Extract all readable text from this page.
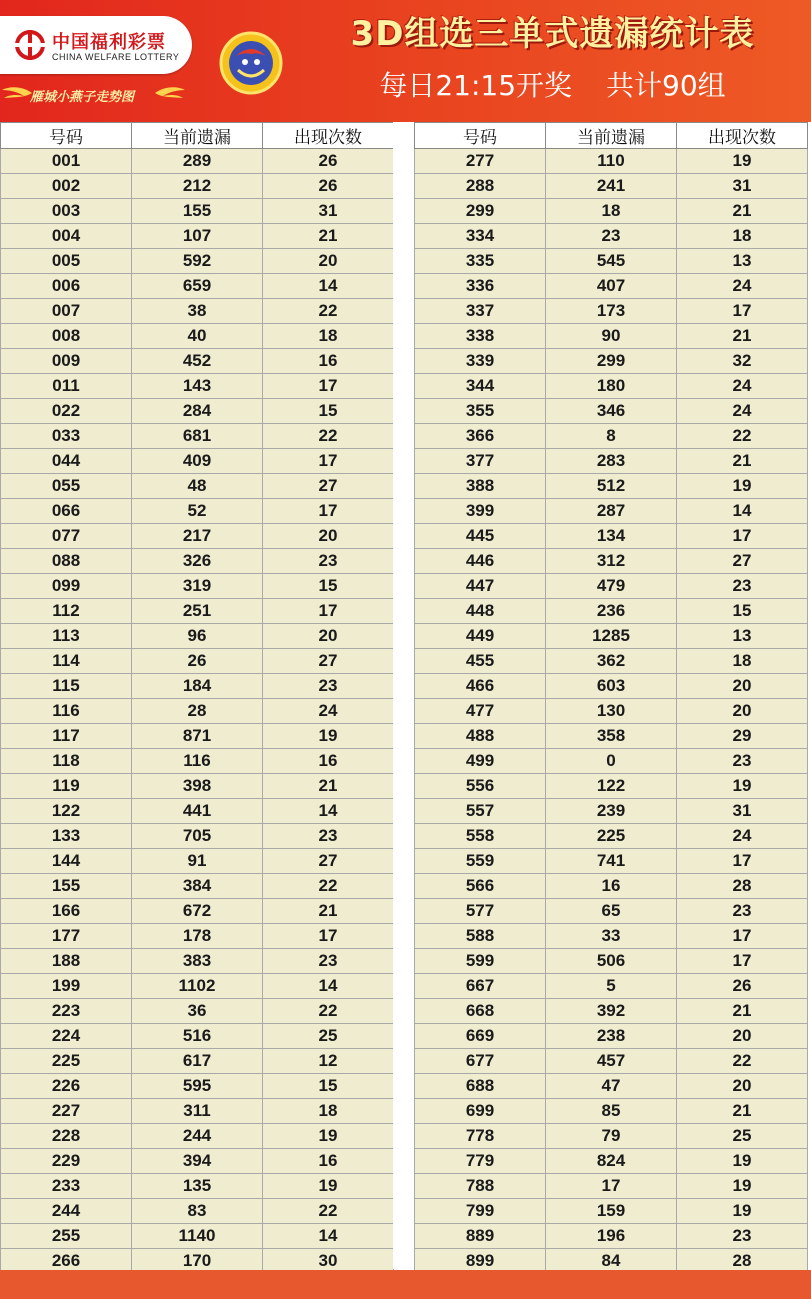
中国福利彩票
CHINA WELFARE LOTTERY
雁城小燕子走势图
3D组选三单式遗漏统计表
每日21:15开奖 共计90组
号码	当前遗漏	出现次数
001	289	26
002	212	26
003	155	31
004	107	21
005	592	20
006	659	14
007	38	22
008	40	18
009	452	16
011	143	17
022	284	15
033	681	22
044	409	17
055	48	27
066	52	17
077	217	20
088	326	23
099	319	15
112	251	17
113	96	20
114	26	27
115	184	23
116	28	24
117	871	19
118	116	16
119	398	21
122	441	14
133	705	23
144	91	27
155	384	22
166	672	21
177	178	17
188	383	23
199	1102	14
223	36	22
224	516	25
225	617	12
226	595	15
227	311	18
228	244	19
229	394	16
233	135	19
244	83	22
255	1140	14
266	170	30
号码	当前遗漏	出现次数
277	110	19
288	241	31
299	18	21
334	23	18
335	545	13
336	407	24
337	173	17
338	90	21
339	299	32
344	180	24
355	346	24
366	8	22
377	283	21
388	512	19
399	287	14
445	134	17
446	312	27
447	479	23
448	236	15
449	1285	13
455	362	18
466	603	20
477	130	20
488	358	29
499	0	23
556	122	19
557	239	31
558	225	24
559	741	17
566	16	28
577	65	23
588	33	17
599	506	17
667	5	26
668	392	21
669	238	20
677	457	22
688	47	20
699	85	21
778	79	25
779	824	19
788	17	19
799	159	19
889	196	23
899	84	28
